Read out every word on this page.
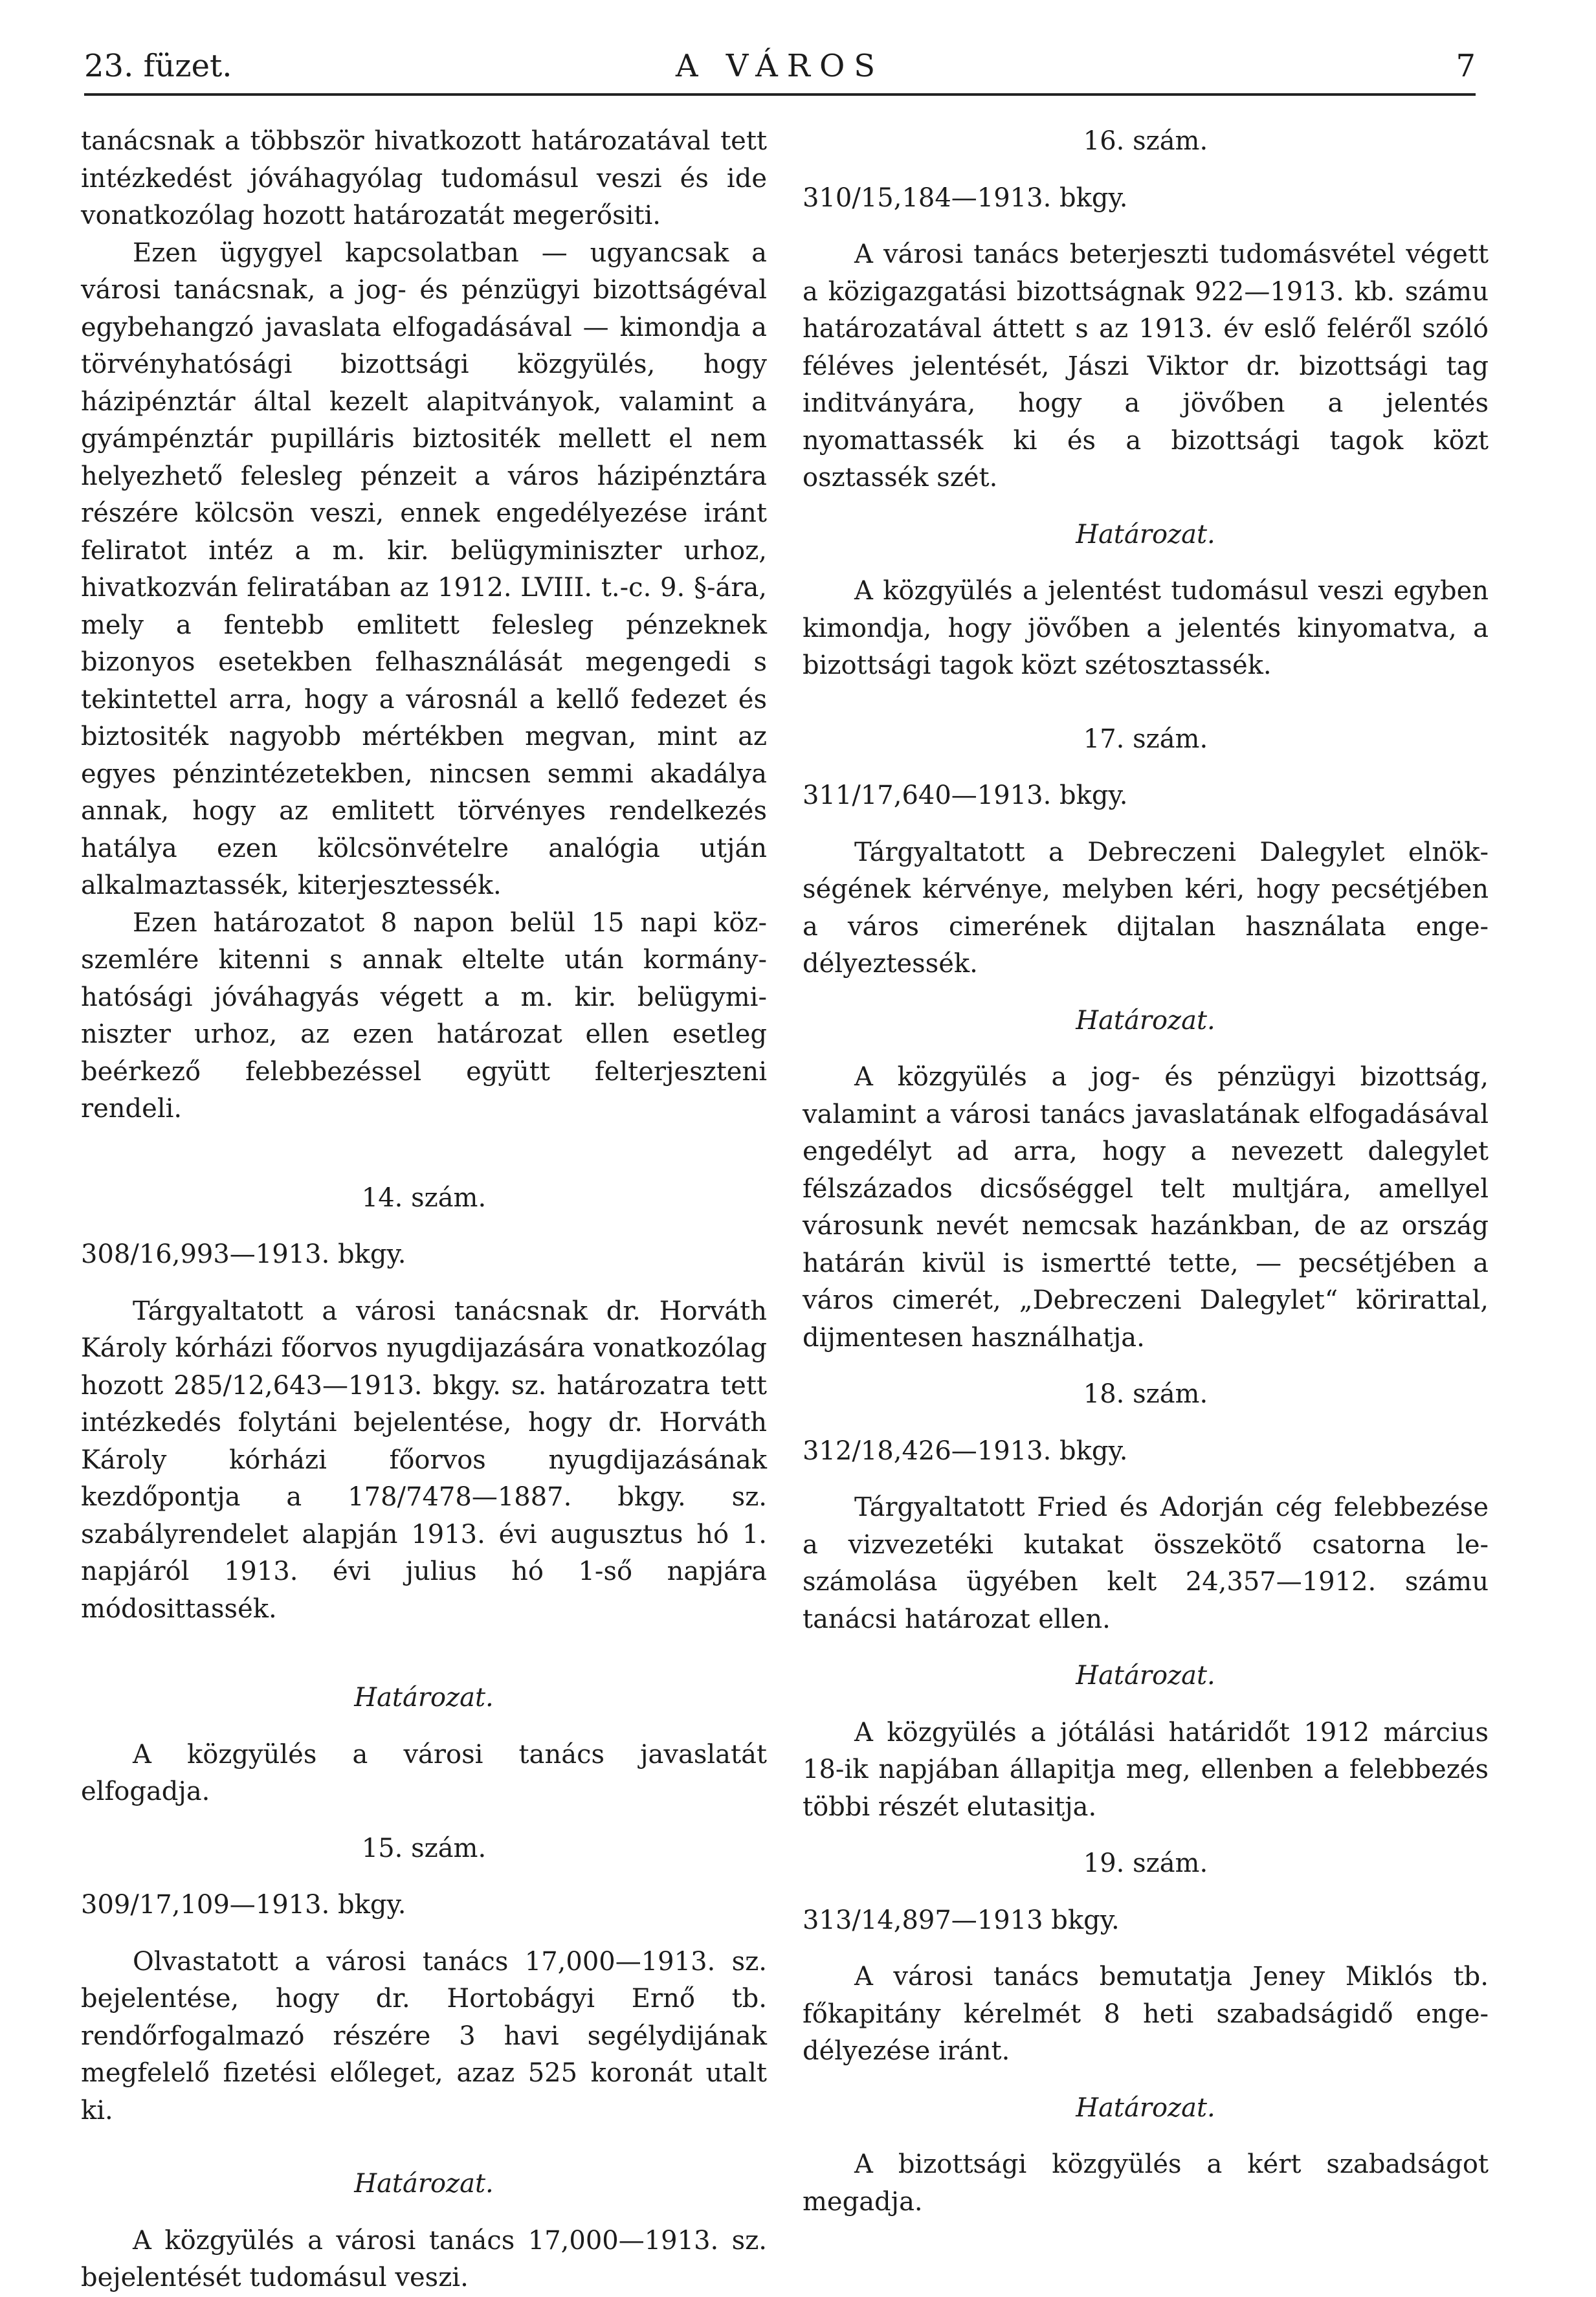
23. füzet.	A VÁROS	7

tanácsnak a többször hivatkozott határozatával tett intézkedést jóváhagyólag tudomásul veszi és ide vonatkozólag hozott határozatát megerősiti.

Ezen ügygyel kapcsolatban — ugyancsak a városi tanácsnak, a jog- és pénzügyi bizottságéval egybehangzó javaslata elfogadásával — kimondja a törvényhatósági bizottsági közgyülés, hogy házipénztár által kezelt alapitványok, valamint a gyámpénztár pupilláris biztositék mellett el nem helyezhető felesleg pénzeit a város házipénztára részére kölcsön veszi, ennek engedélyezése iránt feliratot intéz a m. kir. belügyminiszter urhoz, hivatkozván feliratában az 1912. LVIII. t.-c. 9. §-ára, mely a fentebb emlitett felesleg pénzeknek bizonyos esetekben felhasználását megengedi s tekintettel arra, hogy a városnál a kellő fedezet és biztositék nagyobb mértékben megvan, mint az egyes pénzintézetekben, nincsen semmi akadálya annak, hogy az emlitett törvényes rendelkezés hatálya ezen kölcsönvételre analógia utján alkalmaztassék, kiterjesztessék.

Ezen határozatot 8 napon belül 15 napi közszemlére kitenni s annak eltelte után kormányhatósági jóváhagyás végett a m. kir. belügyminiszter urhoz, az ezen határozat ellen esetleg beérkező felebbezéssel együtt felterjeszteni rendeli.

14. szám.
308/16,993—1913. bkgy.

Tárgyaltatott a városi tanácsnak dr. Horváth Károly kórházi főorvos nyugdijazására vonatkozólag hozott 285/12,643—1913. bkgy. sz. határozatra tett intézkedés folytáni bejelentése, hogy dr. Horváth Károly kórházi főorvos nyugdijazásának kezdőpontja a 178/7478—1887. bkgy. sz. szabályrendelet alapján 1913. évi augusztus hó 1. napjáról 1913. évi julius hó 1-ső napjára módosittassék.

Határozat.

A közgyülés a városi tanács javaslatát elfogadja.

15. szám.
309/17,109—1913. bkgy.

Olvastatott a városi tanács 17,000—1913. sz. bejelentése, hogy dr. Hortobágyi Ernő tb. rendőrfogalmazó részére 3 havi segélydijának megfelelő fizetési előleget, azaz 525 koronát utalt ki.

Határozat.

A közgyülés a városi tanács 17,000—1913. sz. bejelentését tudomásul veszi.

16. szám.
310/15,184—1913. bkgy.

A városi tanács beterjeszti tudomásvétel végett a közigazgatási bizottságnak 922—1913. kb. számu határozatával áttett s az 1913. év eslő feléről szóló féléves jelentését, Jászi Viktor dr. bizottsági tag inditványára, hogy a jövőben a jelentés nyomattassék ki és a bizottsági tagok közt osztassék szét.

Határozat.

A közgyülés a jelentést tudomásul veszi egyben kimondja, hogy jövőben a jelentés kinyomatva, a bizottsági tagok közt szétosztassék.

17. szám.
311/17,640—1913. bkgy.

Tárgyaltatott a Debreczeni Dalegylet elnökségének kérvénye, melyben kéri, hogy pecsétjében a város cimerének dijtalan használata engedélyeztessék.

Határozat.

A közgyülés a jog- és pénzügyi bizottság, valamint a városi tanács javaslatának elfogadásával engedélyt ad arra, hogy a nevezett dalegylet félszázados dicsőséggel telt multjára, amellyel városunk nevét nemcsak hazánkban, de az ország határán kivül is ismertté tette, — pecsétjében a város cimerét, „Debreczeni Dalegylet“ körirattal, dijmentesen használhatja.

18. szám.
312/18,426—1913. bkgy.

Tárgyaltatott Fried és Adorján cég felebbezése a vizvezetéki kutakat összekötő csatorna leszámolása ügyében kelt 24,357—1912. számu tanácsi határozat ellen.

Határozat.

A közgyülés a jótálási határidőt 1912 március 18-ik napjában állapitja meg, ellenben a felebbezés többi részét elutasitja.

19. szám.
313/14,897—1913 bkgy.

A városi tanács bemutatja Jeney Miklós tb. főkapitány kérelmét 8 heti szabadságidő engedélyezése iránt.

Határozat.

A bizottsági közgyülés a kért szabadságot megadja.
